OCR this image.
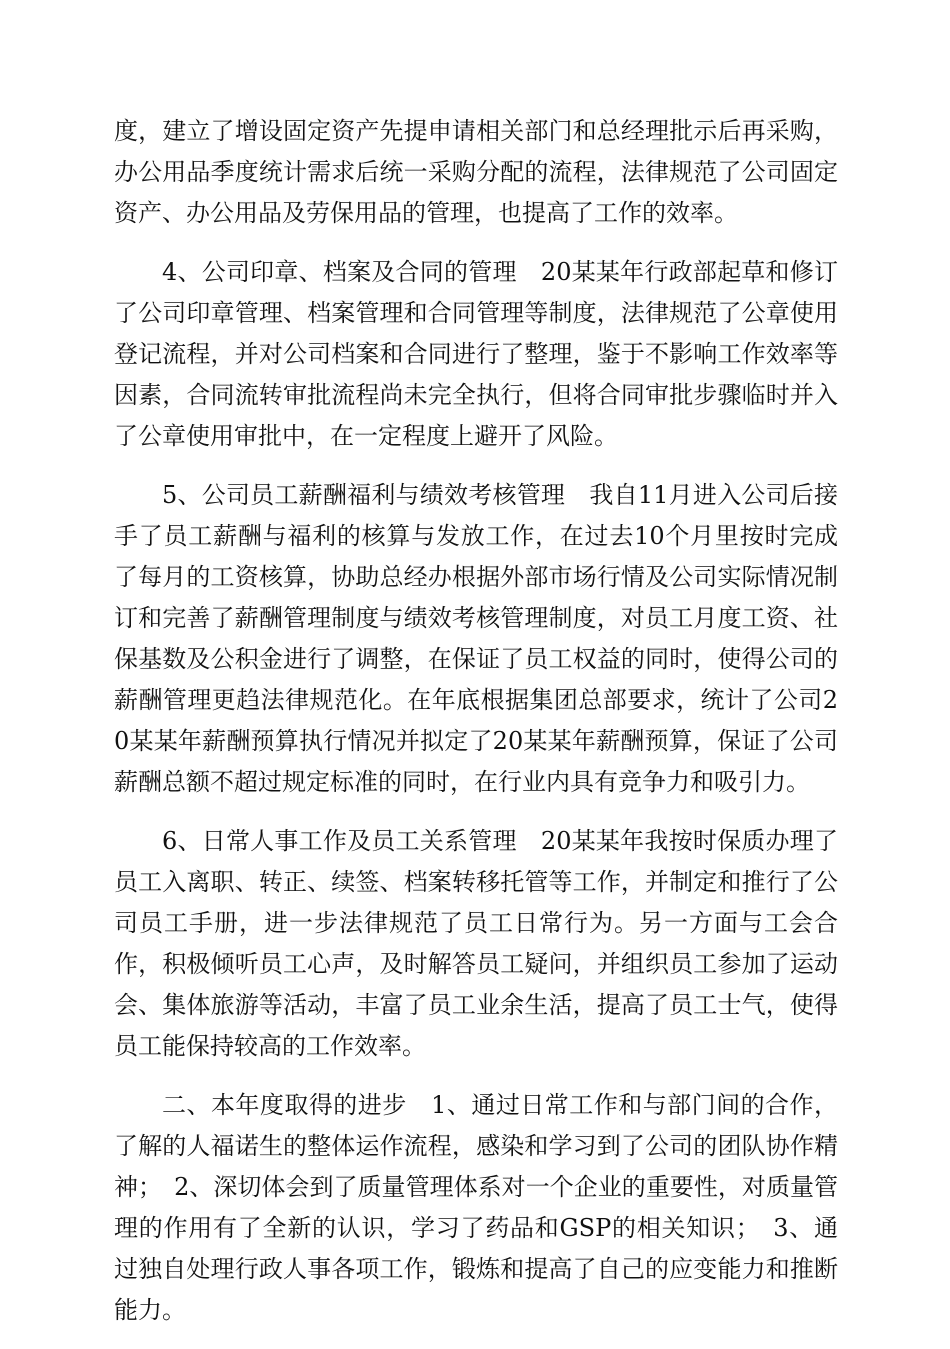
度，建立了增设固定资产先提申请相关部门和总经理批示后再采购，办公用品季度统计需求后统一采购分配的流程，法律规范了公司固定资产、办公用品及劳保用品的管理，也提高了工作的效率。

4、公司印章、档案及合同的管理　20某某年行政部起草和修订了公司印章管理、档案管理和合同管理等制度，法律规范了公章使用登记流程，并对公司档案和合同进行了整理，鉴于不影响工作效率等因素，合同流转审批流程尚未完全执行，但将合同审批步骤临时并入了公章使用审批中，在一定程度上避开了风险。

5、公司员工薪酬福利与绩效考核管理　我自11月进入公司后接手了员工薪酬与福利的核算与发放工作，在过去10个月里按时完成了每月的工资核算，协助总经办根据外部市场行情及公司实际情况制订和完善了薪酬管理制度与绩效考核管理制度，对员工月度工资、社保基数及公积金进行了调整，在保证了员工权益的同时，使得公司的薪酬管理更趋法律规范化。在年底根据集团总部要求，统计了公司20某某年薪酬预算执行情况并拟定了20某某年薪酬预算，保证了公司薪酬总额不超过规定标准的同时，在行业内具有竞争力和吸引力。

6、日常人事工作及员工关系管理　20某某年我按时保质办理了员工入离职、转正、续签、档案转移托管等工作，并制定和推行了公司员工手册，进一步法律规范了员工日常行为。另一方面与工会合作，积极倾听员工心声，及时解答员工疑问，并组织员工参加了运动会、集体旅游等活动，丰富了员工业余生活，提高了员工士气，使得员工能保持较高的工作效率。

二、本年度取得的进步　1、通过日常工作和与部门间的合作，了解的人福诺生的整体运作流程，感染和学习到了公司的团队协作精神；　2、深切体会到了质量管理体系对一个企业的重要性，对质量管理的作用有了全新的认识，学习了药品和GSP的相关知识；　3、通过独自处理行政人事各项工作，锻炼和提高了自己的应变能力和推断能力。
